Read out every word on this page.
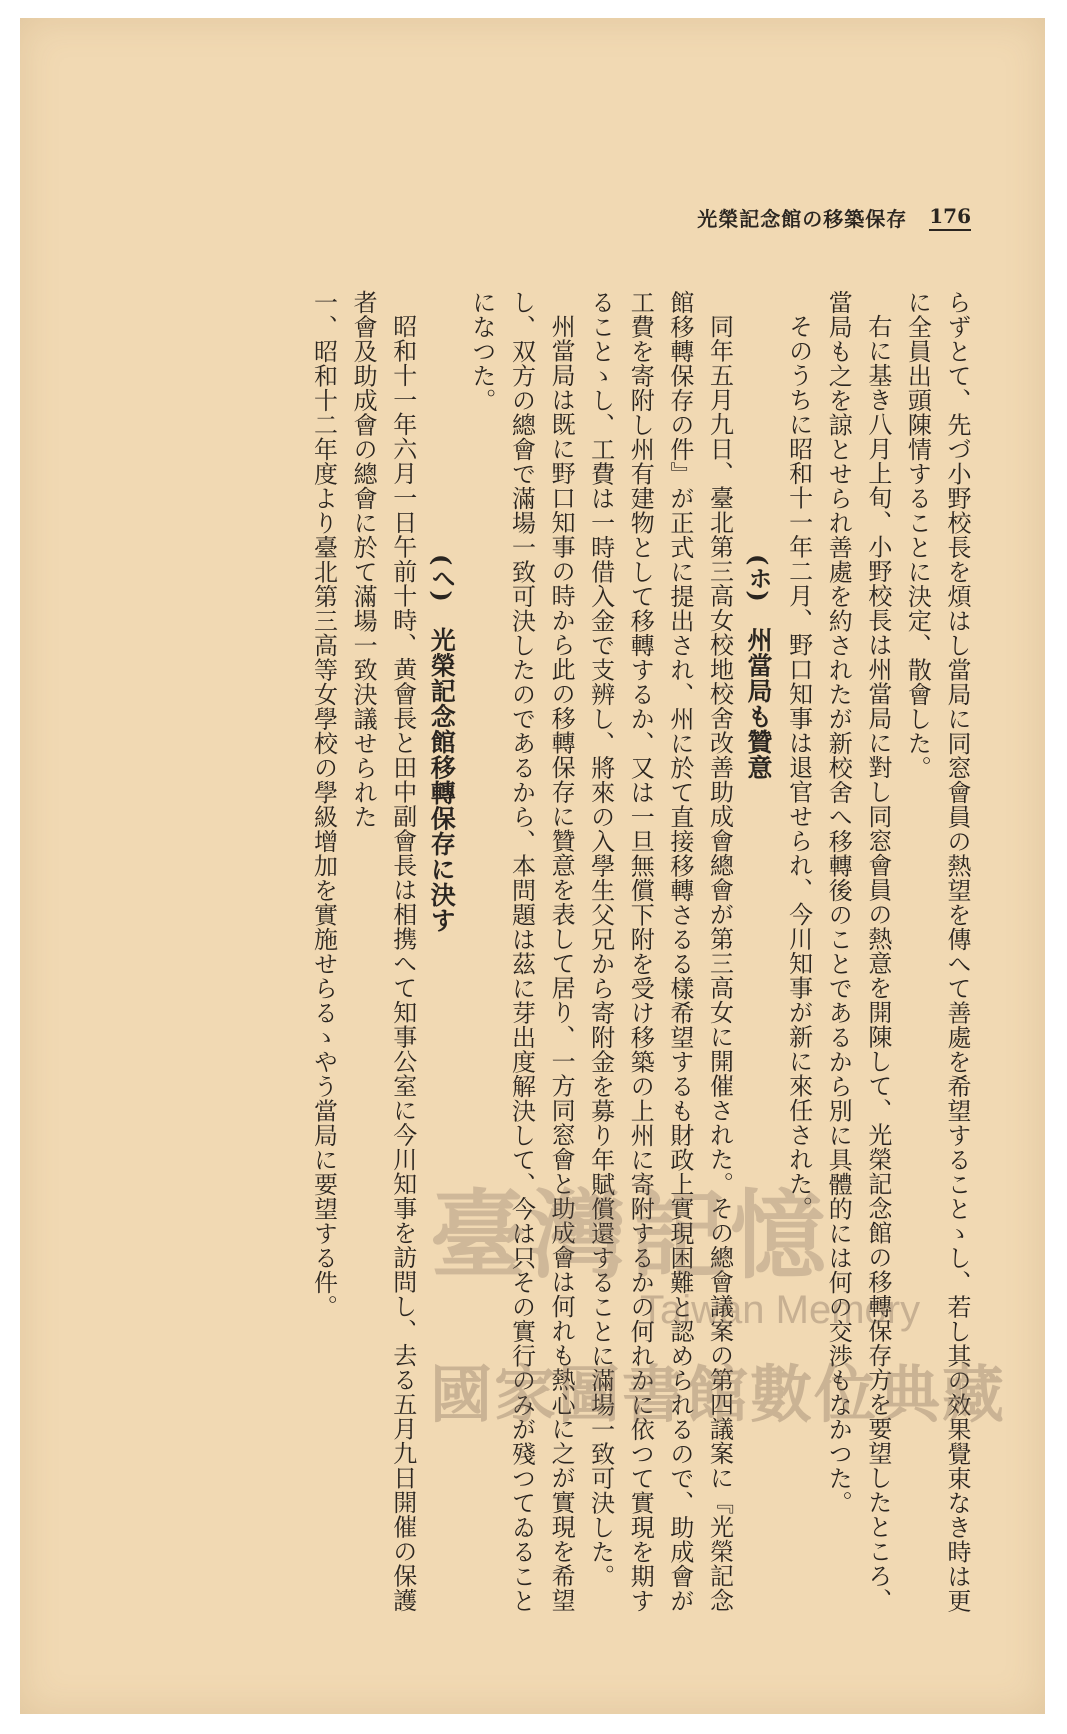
光榮記念館の移築保存 176

らずとて、先づ小野校長を煩はし當局に同窓會員の熱望を傳へて善處を希望することゝし、若し其の效果覺束なき時は更に全員出頭陳情することに決定、散會した。

右に基き八月上旬、小野校長は州當局に對し同窓會員の熱意を開陳して、光榮記念館の移轉保存方を要望したところ、當局も之を諒とせられ善處を約されたが新校舍へ移轉後のことであるから別に具體的には何の交渉もなかつた。

そのうちに昭和十一年二月、野口知事は退官せられ、今川知事が新に來任された。

(ホ)州當局も贊意

同年五月九日、臺北第三高女校地校舍改善助成會總會が第三高女に開催された。その總會議案の第四議案に『光榮記念館移轉保存の件』が正式に提出され、州に於て直接移轉さるる樣希望するも財政上實現困難と認められるので、助成會が工費を寄附し州有建物として移轉するか、又は一旦無償下附を受け移築の上州に寄附するかの何れかに依つて實現を期することゝし、工費は一時借入金で支辨し、將來の入學生父兄から寄附金を募り年賦償還することに滿場一致可決した。

州當局は既に野口知事の時から此の移轉保存に贊意を表して居り、一方同窓會と助成會は何れも熱心に之が實現を希望し、双方の總會で滿場一致可決したのであるから、本問題は茲に芽出度解決して、今は只その實行のみが殘つてゐることになつた。

(へ)光榮記念館移轉保存に決す

昭和十一年六月一日午前十時、黄會長と田中副會長は相携へて知事公室に今川知事を訪問し、去る五月九日開催の保護者會及助成會の總會に於て滿場一致決議せられた

一、昭和十二年度より臺北第三高等女學校の學級增加を實施せらるゝやう當局に要望する件。 臺灣記憶
Taiwan Memory
國家圖書館數位典藏
